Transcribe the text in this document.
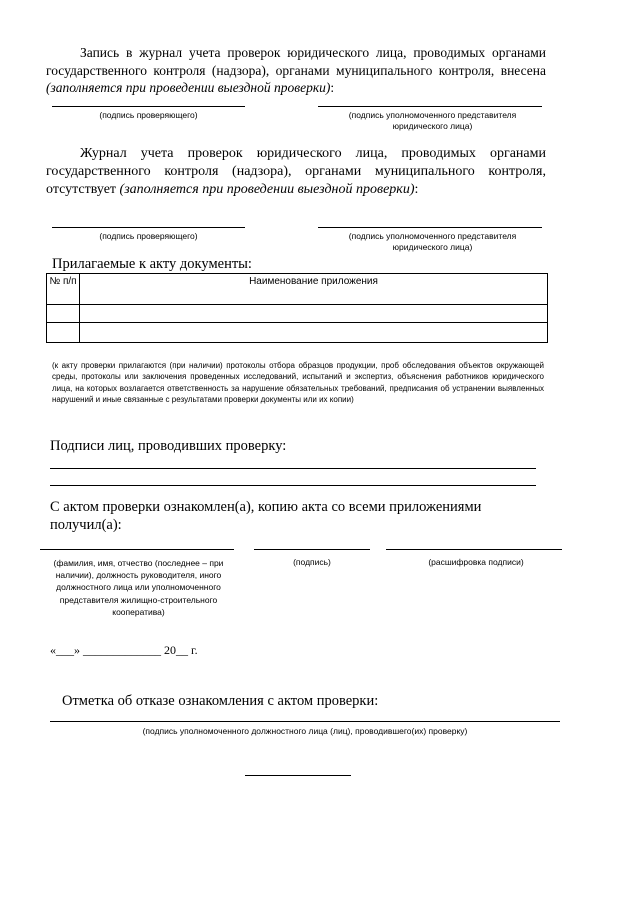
Запись в журнал учета проверок юридического лица, проводимых органами государственного контроля (надзора), органами муниципального контроля, внесена (заполняется при проведении выездной проверки):
(подпись проверяющего)	(подпись уполномоченного представителя юридического лица)
Журнал учета проверок юридического лица, проводимых органами государственного контроля (надзора), органами муниципального контроля, отсутствует (заполняется при проведении выездной проверки):
(подпись проверяющего)	(подпись уполномоченного представителя юридического лица)
Прилагаемые к акту документы:
№ п/п	Наименование приложения

(к акту проверки прилагаются (при наличии) протоколы отбора образцов продукции, проб обследования объектов окружающей среды, протоколы или заключения проведенных исследований, испытаний и экспертиз, объяснения работников юридического лица, на которых возлагается ответственность за нарушение обязательных требований, предписания об устранении выявленных нарушений и иные связанные с результатами проверки документы или их копии)
Подписи лиц, проводивших проверку:
С актом проверки ознакомлен(а), копию акта со всеми приложениями получил(а):
(фамилия, имя, отчество (последнее – при наличии), должность руководителя, иного должностного лица или уполномоченного представителя жилищно-строительного кооператива)
(подпись)	(расшифровка подписи)
«___» _____________ 20__ г.
Отметка об отказе ознакомления с актом проверки:
(подпись уполномоченного должностного лица (лиц), проводившего(их) проверку)
